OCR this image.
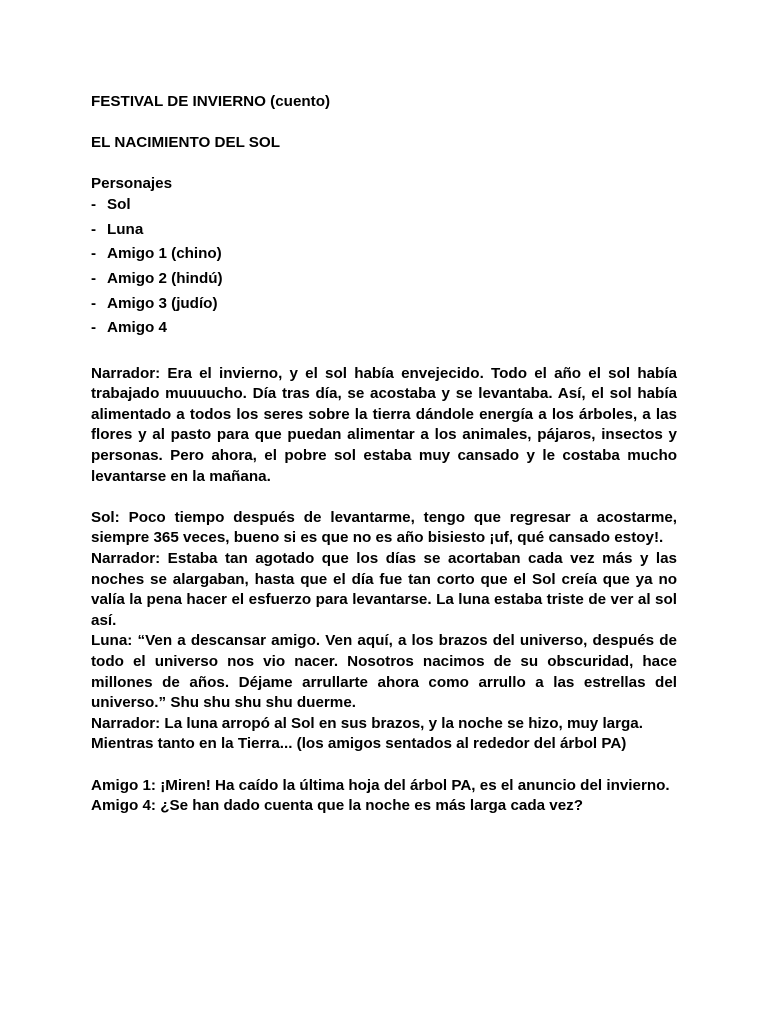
FESTIVAL DE INVIERNO (cuento)

EL NACIMIENTO DEL SOL

Personajes

- Sol
- Luna
- Amigo 1 (chino)
- Amigo 2 (hindú)
- Amigo 3 (judío)
- Amigo 4

Narrador: Era el invierno, y el sol había envejecido. Todo el año el sol había trabajado muuuucho. Día tras día, se acostaba y se levantaba. Así, el sol había alimentado a todos los seres sobre la tierra dándole energía a los árboles, a las flores y al pasto para que puedan alimentar a los animales, pájaros, insectos y personas. Pero ahora, el pobre sol estaba muy cansado y le costaba mucho levantarse en la mañana.

Sol: Poco tiempo después de levantarme, tengo que regresar a acostarme, siempre 365 veces, bueno si es que no es año bisiesto ¡uf, qué cansado estoy!.

Narrador: Estaba tan agotado que los días se acortaban cada vez más y las noches se alargaban, hasta que el día fue tan corto que el Sol creía que ya no valía la pena hacer el esfuerzo para levantarse. La luna estaba triste de ver al sol así.

Luna: “Ven a descansar amigo. Ven aquí, a los brazos del universo, después de todo el universo nos vio nacer. Nosotros nacimos de su obscuridad, hace millones de años. Déjame arrullarte ahora como arrullo a las estrellas del universo.” Shu shu shu shu duerme.

Narrador: La luna arropó al Sol en sus brazos, y la noche se hizo, muy larga.

Mientras tanto en la Tierra... (los amigos sentados al rededor del árbol PA)

Amigo 1: ¡Miren! Ha caído la última hoja del árbol PA, es el anuncio del invierno.

Amigo 4: ¿Se han dado cuenta que la noche es más larga cada vez?
